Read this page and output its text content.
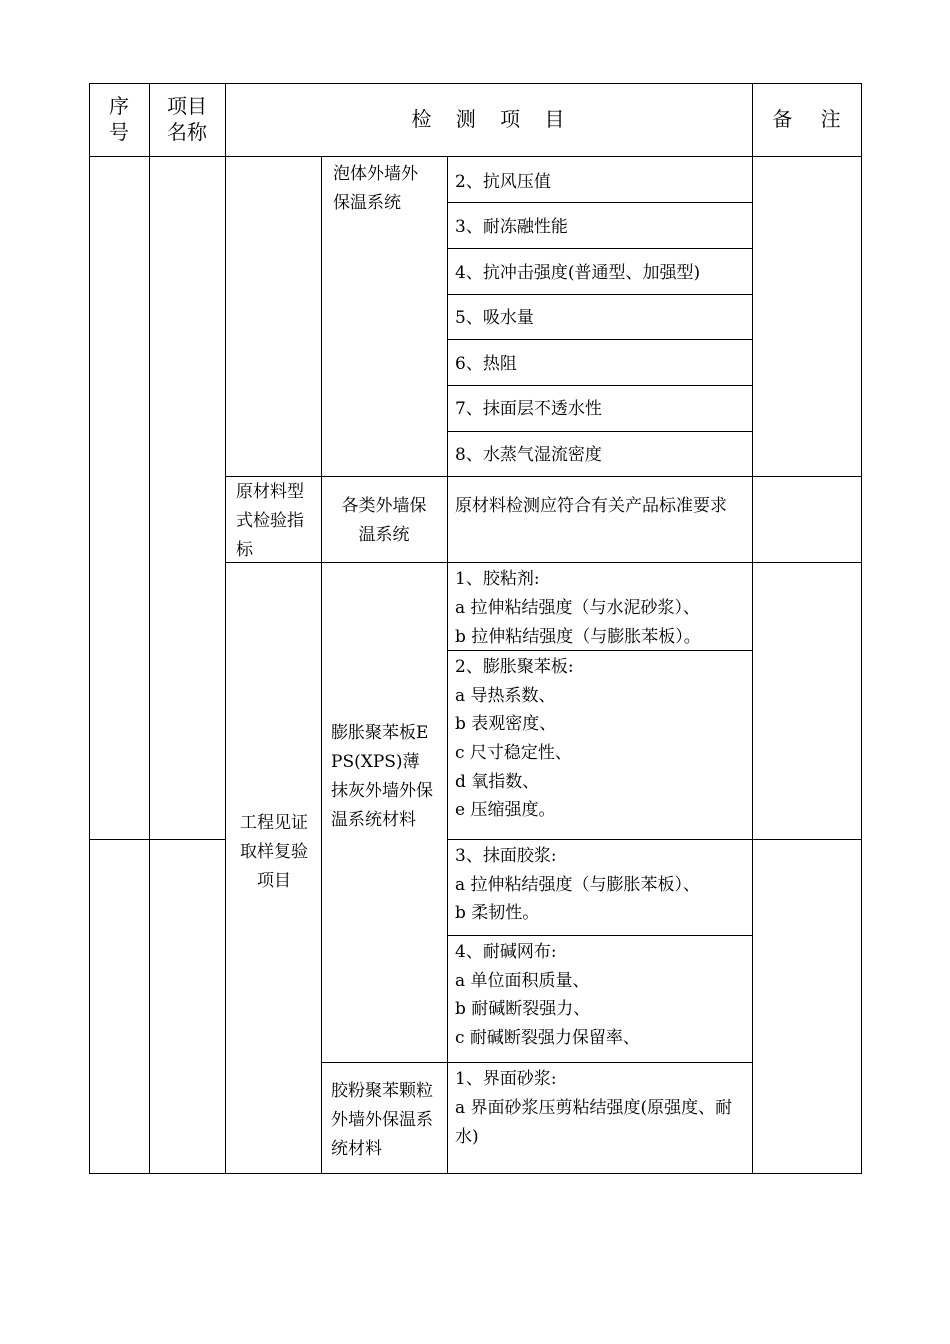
序号
项目名称
检 测 项 目	备 注
泡体外墙外保温系统
2、抗风压值
3、耐冻融性能
4、抗冲击强度(普通型、加强型)
5、吸水量
6、热阻
7、抹面层不透水性
8、水蒸气湿流密度
原材料型式检验指标
各类外墙保温系统
原材料检测应符合有关产品标准要求
工程见证取样复验项目
膨胀聚苯板EPS(XPS)薄抹灰外墙外保温系统材料
1、胶粘剂:
a 拉伸粘结强度（与水泥砂浆）、
b 拉伸粘结强度（与膨胀苯板）。
2、膨胀聚苯板:
a 导热系数、
b 表观密度、
c 尺寸稳定性、
d 氧指数、
e 压缩强度。
3、抹面胶浆:
a 拉伸粘结强度（与膨胀苯板）、
b 柔韧性。
4、耐碱网布:
a 单位面积质量、
b 耐碱断裂强力、
c 耐碱断裂强力保留率、
胶粉聚苯颗粒外墙外保温系统材料
1、界面砂浆:
a 界面砂浆压剪粘结强度(原强度、耐水)
